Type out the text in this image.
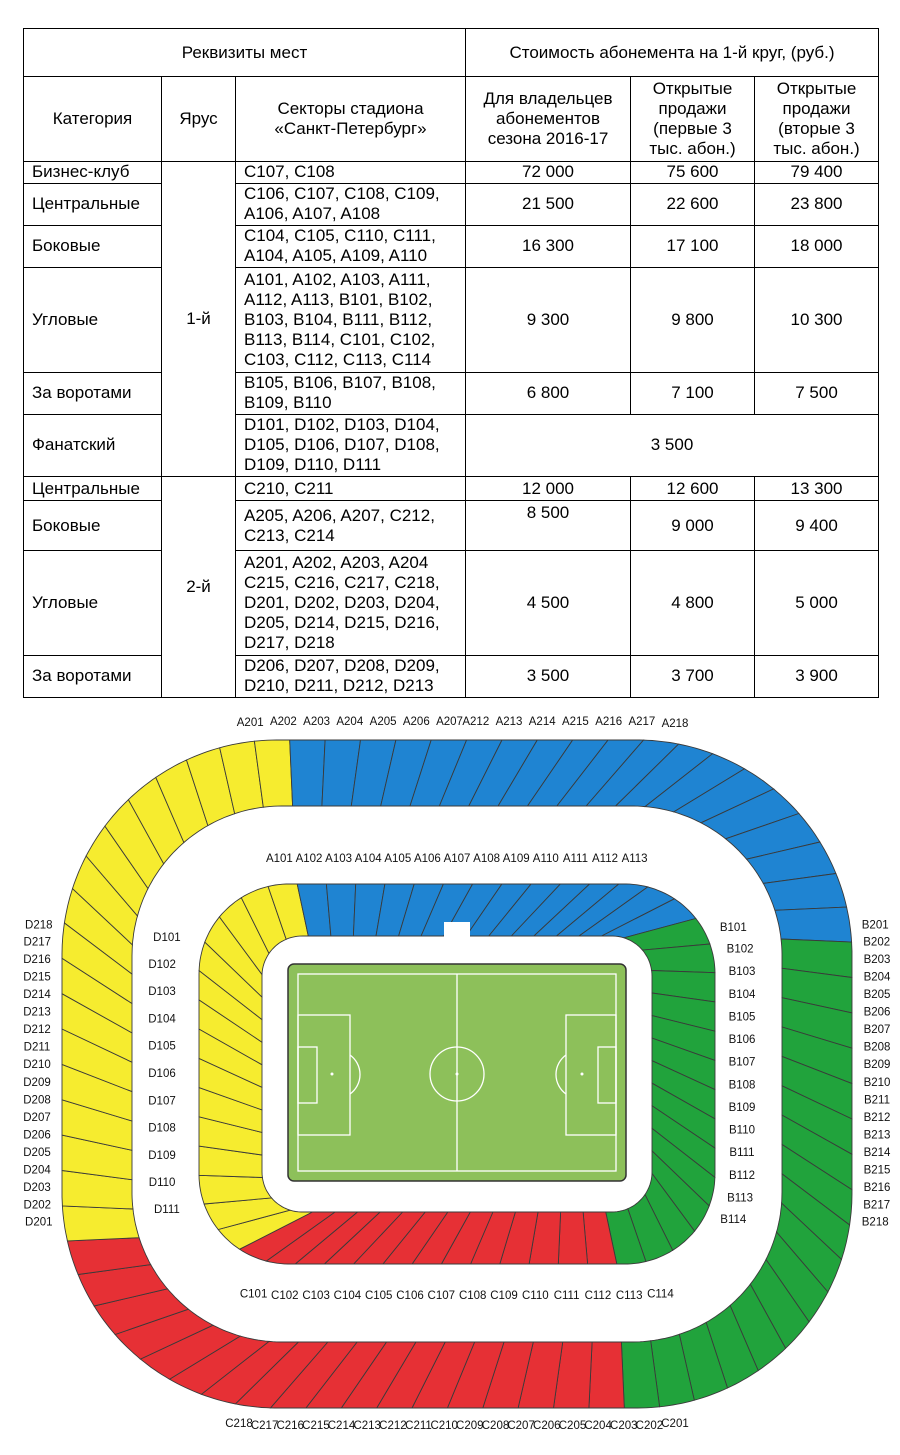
Реквизиты мест			Стоимость абонемента на 1-й круг, (руб.)		
Категория	Ярус	Секторы стадиона «Санкт-Петербург»	Для владельцев абонементов сезона 2016-17	Открытые продажи (первые 3 тыс. абон.)	Открытые продажи (вторые 3 тыс. абон.)

Бизнес-клуб	1-й	C107, C108	72 000	75 600	79 400
Центральные		C106, C107, C108, C109, A106, A107, A108	21 500	22 600	23 800
Боковые		C104, C105, C110, C111, A104, A105, A109, A110	16 300	17 100	18 000
Угловые		A101, A102, A103, A111, A112, A113, B101, B102, B103, B104, B111, B112, B113, B114, C101, C102, C103, C112, C113, C114	9 300	9 800	10 300
За воротами		B105, B106, B107, B108, B109, B110	6 800	7 100	7 500
Фанатский		D101, D102, D103, D104, D105, D106, D107, D108, D109, D110, D111	3 500		
Центральные	2-й	C210, C211	12 000	12 600	13 300
Боковые		A205, A206, A207, C212, C213, C214	8 500	9 000	9 400
Угловые		A201, A202, A203, A204 C215, C216, C217, C218, D201, D202, D203, D204, D205, D214, D215, D216, D217, D218	4 500	4 800	5 000
За воротами		D206, D207, D208, D209, D210, D211, D212, D213	3 500	3 700	3 900
A201 A202 A203 A204 A205 A206 A207 A212 A213 A214 A215 A216 A217 A218
B201
B202
B203
B204
B205
B206
B207
B208
B209
B210
B211
B212
B213
B214
B215
B216
B217
B218
C201
C202
C203
C204
C205
C206
C207
C208
C209
C210
C211
C212
C213
C214
C215
C216
C217
C218
D201
D202
D203
D204
D205
D206
D207
D208
D209
D210
D211
D212
D213
D214
D215
D216
D217
D218
A101 A102 A103 A104 A105 A106 A107 A108 A109 A110 A111 A112 A113
B101
B102
B103
B104
B105
B106
B107
B108
B109
B110
B111
B112
B113
B114
C101 C102 C103 C104 C105 C106 C107 C108 C109 C110 C111 C112 C113 C114
D101
D102
D103
D104
D105
D106
D107
D108
D109
D110
D111
